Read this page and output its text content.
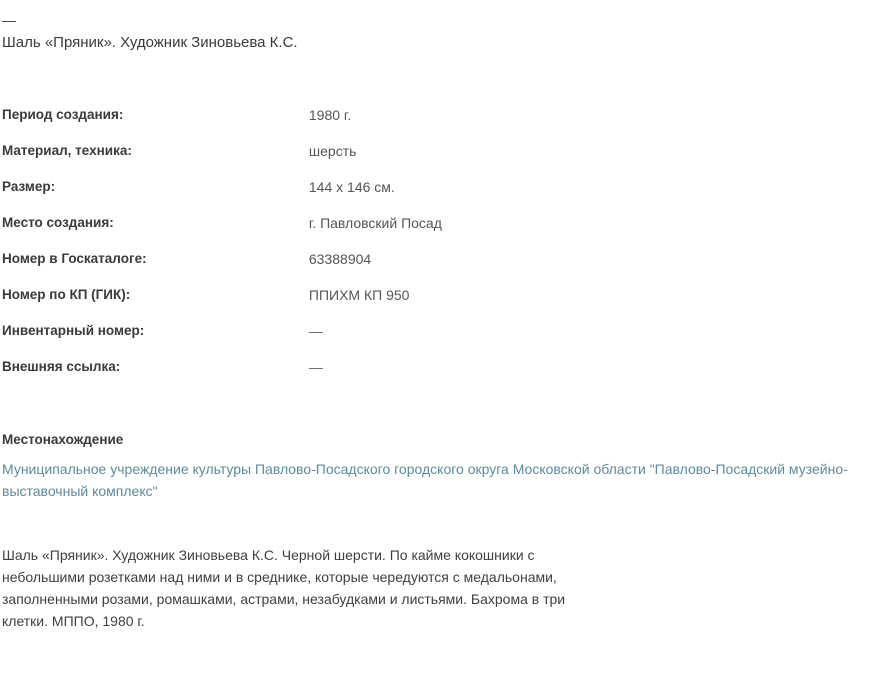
—
Шаль «Пряник». Художник Зиновьева К.С.
Период создания:	1980 г.
Материал, техника:	шерсть
Размер:	144 x 146 см.
Место создания:	г. Павловский Посад
Номер в Госкаталоге:	63388904
Номер по КП (ГИК):	ППИХМ КП 950
Инвентарный номер:	—
Внешняя ссылка:	—
Местонахождение
Муниципальное учреждение культуры Павлово-Посадского городского округа Московской области "Павлово-Посадский музейно-выставочный комплекс"

Шаль «Пряник». Художник Зиновьева К.С. Черной шерсти. По кайме кокошники с небольшими розетками над ними и в среднике, которые чередуются с медальонами, заполненными розами, ромашками, астрами, незабудками и листьями. Бахрома в три клетки. МППО, 1980 г.
